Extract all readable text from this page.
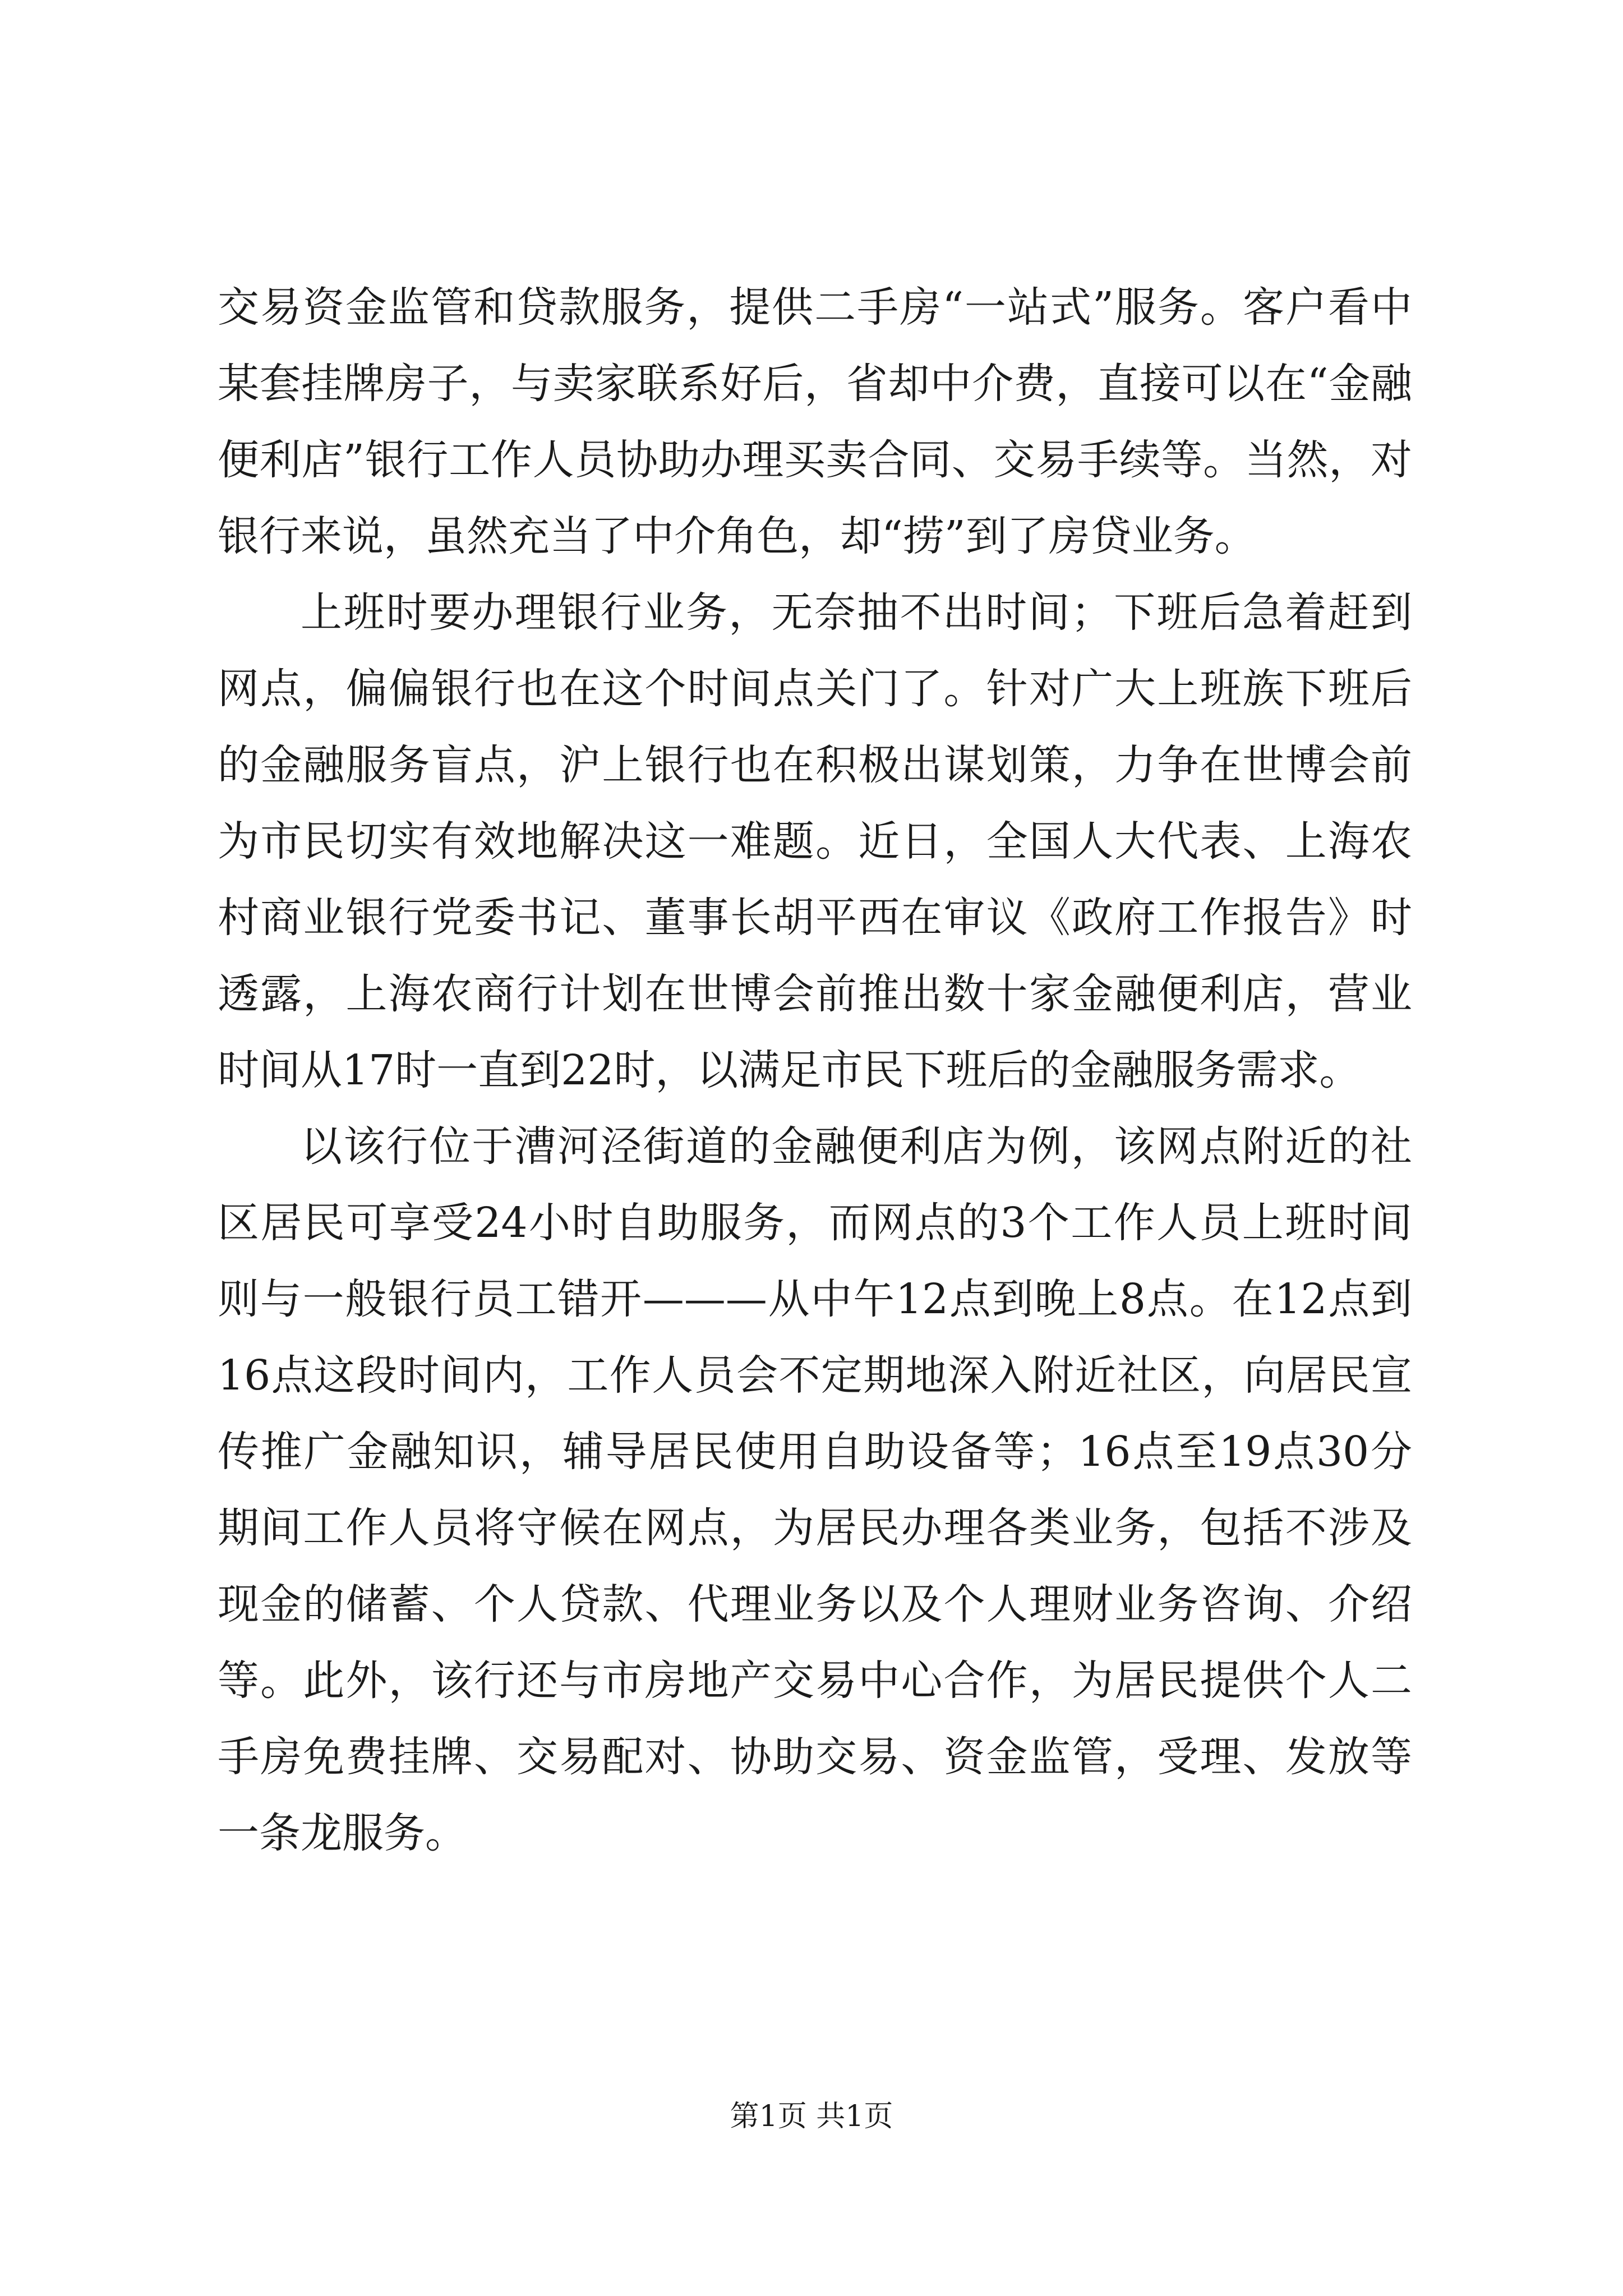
交易资金监管和贷款服务，提供二手房“一站式”服务。客户看中某套挂牌房子，与卖家联系好后，省却中介费，直接可以在“金融便利店”银行工作人员协助办理买卖合同、交易手续等。当然，对银行来说，虽然充当了中介角色，却“捞”到了房贷业务。

上班时要办理银行业务，无奈抽不出时间；下班后急着赶到网点，偏偏银行也在这个时间点关门了。针对广大上班族下班后的金融服务盲点，沪上银行也在积极出谋划策，力争在世博会前为市民切实有效地解决这一难题。近日，全国人大代表、上海农村商业银行党委书记、董事长胡平西在审议《政府工作报告》时透露，上海农商行计划在世博会前推出数十家金融便利店，营业时间从17时一直到22时，以满足市民下班后的金融服务需求。

以该行位于漕河泾街道的金融便利店为例，该网点附近的社区居民可享受24小时自助服务，而网点的3个工作人员上班时间则与一般银行员工错开———从中午12点到晚上8点。在12点到16点这段时间内，工作人员会不定期地深入附近社区，向居民宣传推广金融知识，辅导居民使用自助设备等；16点至19点30分期间工作人员将守候在网点，为居民办理各类业务，包括不涉及现金的储蓄、个人贷款、代理业务以及个人理财业务咨询、介绍等。此外，该行还与市房地产交易中心合作，为居民提供个人二手房免费挂牌、交易配对、协助交易、资金监管，受理、发放等一条龙服务。

第1页 共1页
